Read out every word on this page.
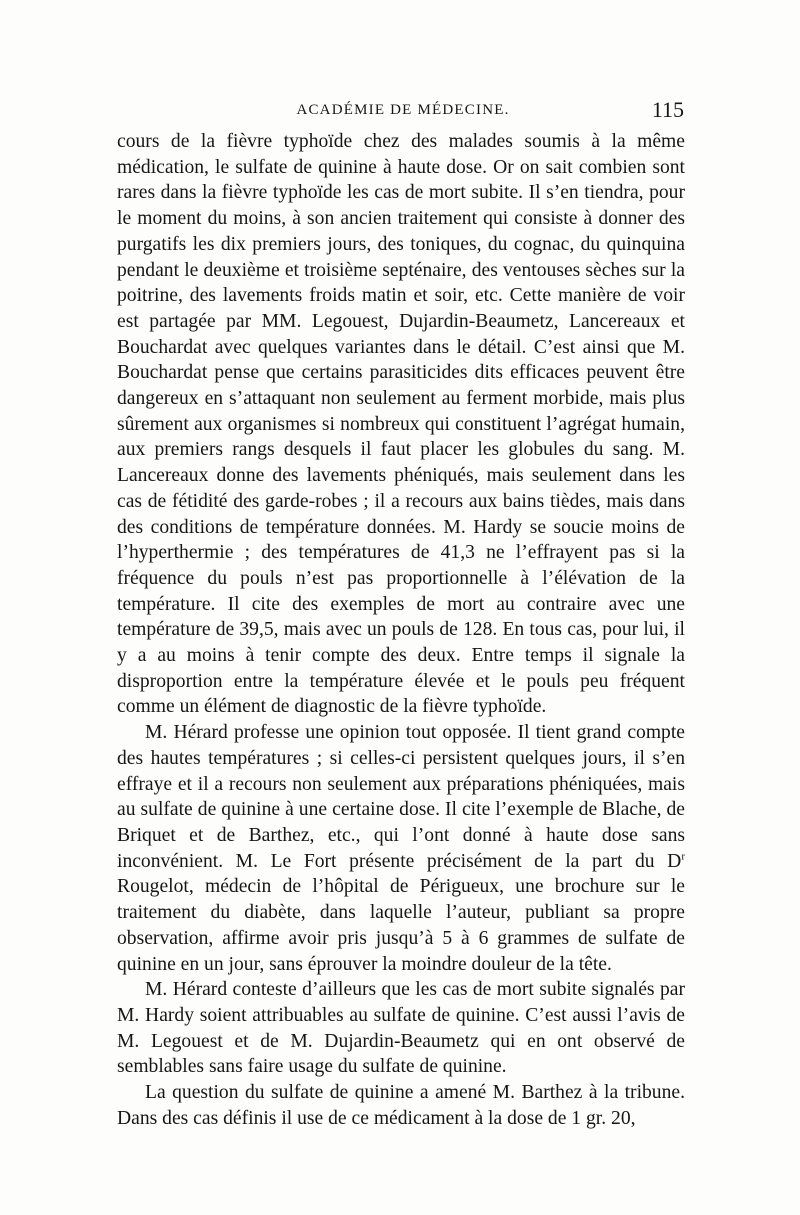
ACADÉMIE DE MÉDECINE.	115

cours de la fièvre typhoïde chez des malades soumis à la même médication, le sulfate de quinine à haute dose. Or on sait combien sont rares dans la fièvre typhoïde les cas de mort subite. Il s’en tiendra, pour le moment du moins, à son ancien traitement qui consiste à donner des purgatifs les dix premiers jours, des toniques, du cognac, du quinquina pendant le deuxième et troisième septénaire, des ventouses sèches sur la poitrine, des lavements froids matin et soir, etc. Cette manière de voir est partagée par MM. Legouest, Dujardin-Beaumetz, Lancereaux et Bouchardat avec quelques variantes dans le détail. C’est ainsi que M. Bouchardat pense que certains parasiticides dits efficaces peuvent être dangereux en s’attaquant non seulement au ferment morbide, mais plus sûrement aux organismes si nombreux qui constituent l’agrégat humain, aux premiers rangs desquels il faut placer les globules du sang. M. Lancereaux donne des lavements phéniqués, mais seulement dans les cas de fétidité des garde-robes ; il a recours aux bains tièdes, mais dans des conditions de température données. M. Hardy se soucie moins de l’hyperthermie ; des températures de 41,3 ne l’effrayent pas si la fréquence du pouls n’est pas proportionnelle à l’élévation de la température. Il cite des exemples de mort au contraire avec une température de 39,5, mais avec un pouls de 128. En tous cas, pour lui, il y a au moins à tenir compte des deux. Entre temps il signale la disproportion entre la température élevée et le pouls peu fréquent comme un élément de diagnostic de la fièvre typhoïde.

M. Hérard professe une opinion tout opposée. Il tient grand compte des hautes températures ; si celles-ci persistent quelques jours, il s’en effraye et il a recours non seulement aux préparations phéniquées, mais au sulfate de quinine à une certaine dose. Il cite l’exemple de Blache, de Briquet et de Barthez, etc., qui l’ont donné à haute dose sans inconvénient. M. Le Fort présente précisément de la part du $D^r$ Rougelot, médecin de l’hôpital de Périgueux, une brochure sur le traitement du diabète, dans laquelle l’auteur, publiant sa propre observation, affirme avoir pris jusqu’à 5 à 6 grammes de sulfate de quinine en un jour, sans éprouver la moindre douleur de la tête.

M. Hérard conteste d’ailleurs que les cas de mort subite signalés par M. Hardy soient attribuables au sulfate de quinine. C’est aussi l’avis de M. Legouest et de M. Dujardin-Beaumetz qui en ont observé de semblables sans faire usage du sulfate de quinine.

La question du sulfate de quinine a amené M. Barthez à la tribune. Dans des cas définis il use de ce médicament à la dose de 1 gr. 20,
